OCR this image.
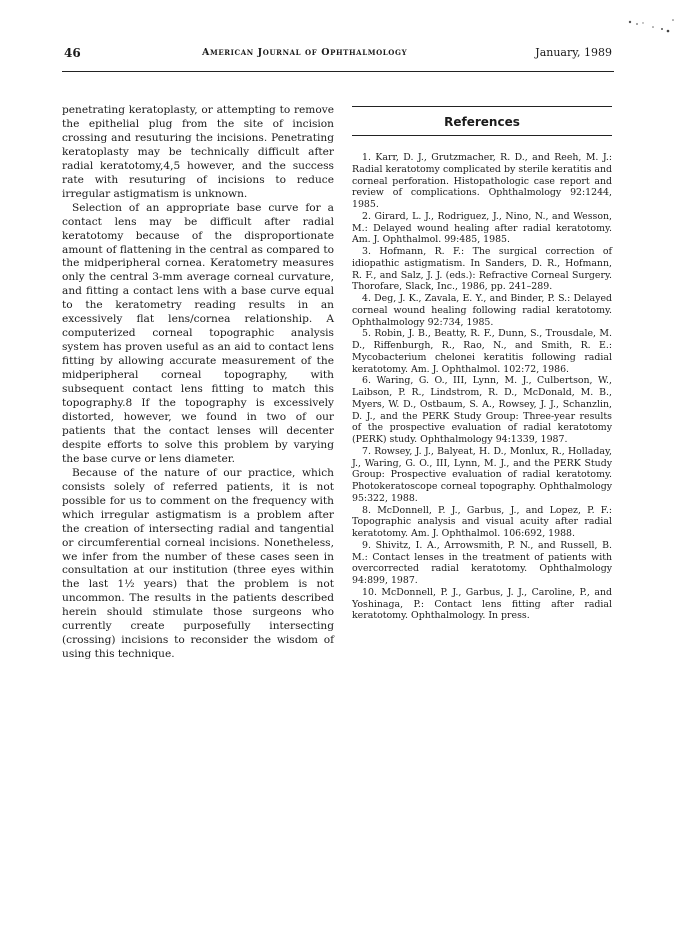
46	American Journal of Ophthalmology	January, 1989

penetrating keratoplasty, or attempting to remove the epithelial plug from the site of incision crossing and resuturing the incisions. Penetrating keratoplasty may be technically difficult after radial keratotomy,4,5 however, and the success rate with resuturing of incisions to reduce irregular astigmatism is unknown.

Selection of an appropriate base curve for a contact lens may be difficult after radial keratotomy because of the disproportionate amount of flattening in the central as compared to the midperipheral cornea. Keratometry measures only the central 3-mm average corneal curvature, and fitting a contact lens with a base curve equal to the keratometry reading results in an excessively flat lens/cornea relationship. A computerized corneal topographic analysis system has proven useful as an aid to contact lens fitting by allowing accurate measurement of the midperipheral corneal topography, with subsequent contact lens fitting to match this topography.8 If the topography is excessively distorted, however, we found in two of our patients that the contact lenses will decenter despite efforts to solve this problem by varying the base curve or lens diameter.

Because of the nature of our practice, which consists solely of referred patients, it is not possible for us to comment on the frequency with which irregular astigmatism is a problem after the creation of intersecting radial and tangential or circumferential corneal incisions. Nonetheless, we infer from the number of these cases seen in consultation at our institution (three eyes within the last 1½ years) that the problem is not uncommon. The results in the patients described herein should stimulate those surgeons who currently create purposefully intersecting (crossing) incisions to reconsider the wisdom of using this technique.

References

1 . Karr, D. J., Grutzmacher, R. D., and Reeh, M. J.: Radial keratotomy complicated by sterile keratitis and corneal perforation. Histopathologic case report and review of complications. Ophthalmology 92:1244, 1985.

2 . Girard, L. J., Rodriguez, J., Nino, N., and Wesson, M.: Delayed wound healing after radial keratotomy. Am. J. Ophthalmol. 99:485, 1985.

3 . Hofmann, R. F.: The surgical correction of idiopathic astigmatism. In Sanders, D. R., Hofmann, R. F., and Salz, J. J. (eds.): Refractive Corneal Surgery. Thorofare, Slack, Inc., 1986, pp. 241–289.

4 . Deg, J. K., Zavala, E. Y., and Binder, P. S.: Delayed corneal wound healing following radial keratotomy. Ophthalmology 92:734, 1985.

5 . Robin, J. B., Beatty, R. F., Dunn, S., Trousdale, M. D., Riffenburgh, R., Rao, N., and Smith, R. E.: Mycobacterium chelonei keratitis following radial keratotomy. Am. J. Ophthalmol. 102:72, 1986.

6 . Waring, G. O., III, Lynn, M. J., Culbertson, W., Laibson, P. R., Lindstrom, R. D., McDonald, M. B., Myers, W. D., Ostbaum, S. A., Rowsey, J. J., Schanzlin, D. J., and the PERK Study Group: Three-year results of the prospective evaluation of radial keratotomy (PERK) study. Ophthalmology 94:1339, 1987.

7 . Rowsey, J. J., Balyeat, H. D., Monlux, R., Holladay, J., Waring, G. O., III, Lynn, M. J., and the PERK Study Group: Prospective evaluation of radial keratotomy. Photokeratoscope corneal topography. Ophthalmology 95:322, 1988.

8 . McDonnell, P. J., Garbus, J., and Lopez, P. F.: Topographic analysis and visual acuity after radial keratotomy. Am. J. Ophthalmol. 106:692, 1988.

9 . Shivitz, I. A., Arrowsmith, P. N., and Russell, B. M.: Contact lenses in the treatment of patients with overcorrected radial keratotomy. Ophthalmology 94:899, 1987.

10 . McDonnell, P. J., Garbus, J. J., Caroline, P., and Yoshinaga, P.: Contact lens fitting after radial keratotomy. Ophthalmology. In press.
